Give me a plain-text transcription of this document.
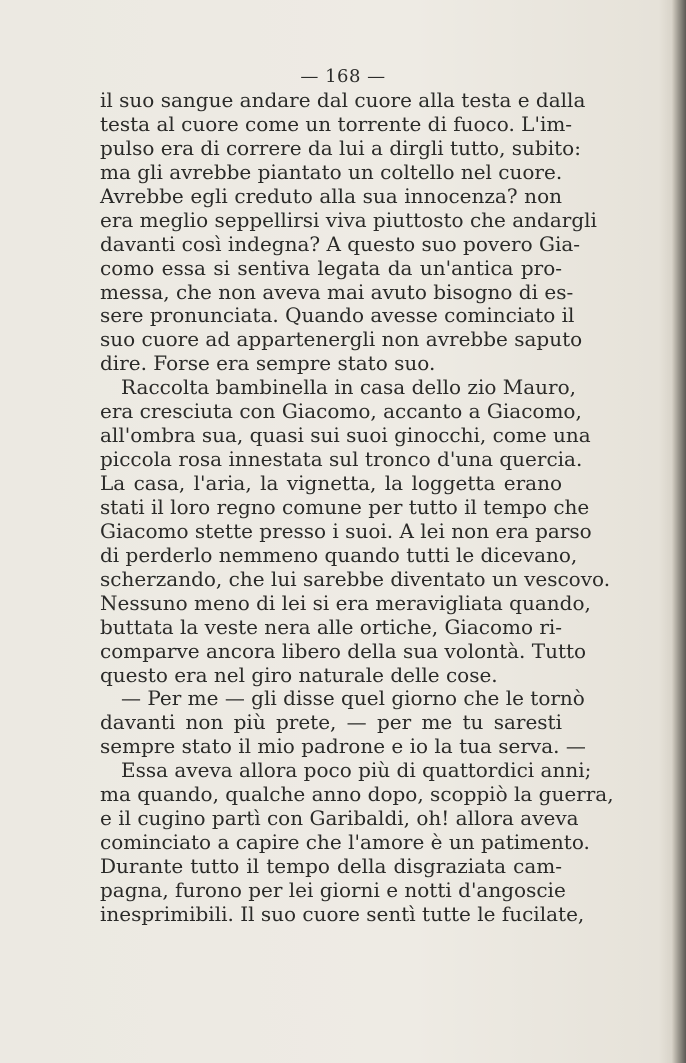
— 168 —
il suo sangue andare dal cuore alla testa e dalla
testa al cuore come un torrente di fuoco. L'im-
pulso era di correre da lui a dirgli tutto, subito:
ma gli avrebbe piantato un coltello nel cuore.
Avrebbe egli creduto alla sua innocenza? non
era meglio seppellirsi viva piuttosto che andargli
davanti così indegna? A questo suo povero Gia-
como essa si sentiva legata da un'antica pro-
messa, che non aveva mai avuto bisogno di es-
sere pronunciata. Quando avesse cominciato il
suo cuore ad appartenergli non avrebbe saputo
dire. Forse era sempre stato suo.
Raccolta bambinella in casa dello zio Mauro,
era cresciuta con Giacomo, accanto a Giacomo,
all'ombra sua, quasi sui suoi ginocchi, come una
piccola rosa innestata sul tronco d'una quercia.
La casa, l'aria, la vignetta, la loggetta erano
stati il loro regno comune per tutto il tempo che
Giacomo stette presso i suoi. A lei non era parso
di perderlo nemmeno quando tutti le dicevano,
scherzando, che lui sarebbe diventato un vescovo.
Nessuno meno di lei si era meravigliata quando,
buttata la veste nera alle ortiche, Giacomo ri-
comparve ancora libero della sua volontà. Tutto
questo era nel giro naturale delle cose.
— Per me — gli disse quel giorno che le tornò
davanti non più prete, — per me tu saresti
sempre stato il mio padrone e io la tua serva. —
Essa aveva allora poco più di quattordici anni;
ma quando, qualche anno dopo, scoppiò la guerra,
e il cugino partì con Garibaldi, oh! allora aveva
cominciato a capire che l'amore è un patimento.
Durante tutto il tempo della disgraziata cam-
pagna, furono per lei giorni e notti d'angoscie
inesprimibili. Il suo cuore sentì tutte le fucilate,
